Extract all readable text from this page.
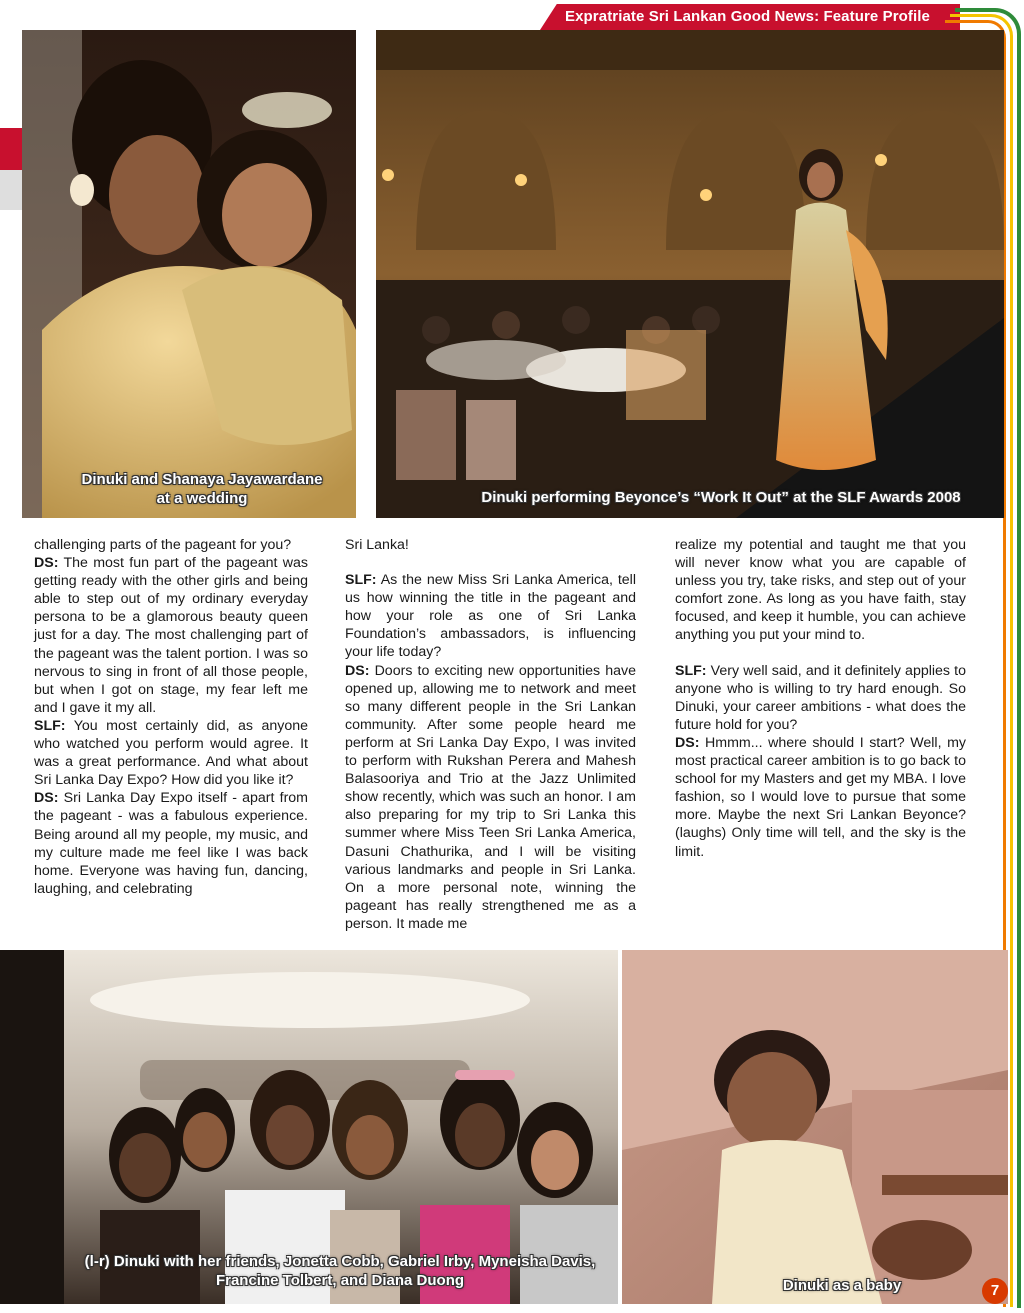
Expratriate Sri Lankan Good News: Feature Profile
Dinuki and Shanaya Jayawardane
at a wedding	Dinuki performing Beyonce’s “Work It Out” at the SLF Awards 2008

challenging parts of the pageant for you?

DS: The most fun part of the pageant was getting ready with the other girls and being able to step out of my ordinary everyday persona to be a glamorous beauty queen just for a day. The most challenging part of the pageant was the talent portion. I was so nervous to sing in front of all those people, but when I got on stage, my fear left me and I gave it my all.

SLF: You most certainly did, as anyone who watched you perform would agree. It was a great performance. And what about Sri Lanka Day Expo? How did you like it?

DS: Sri Lanka Day Expo itself - apart from the pageant - was a fabulous experience. Being around all my people, my music, and my culture made me feel like I was back home. Everyone was having fun, dancing, laughing, and celebrating

Sri Lanka!

SLF: As the new Miss Sri Lanka America, tell us how winning the title in the pageant and how your role as one of Sri Lanka Foundation’s ambassadors, is influencing your life today?

DS: Doors to exciting new opportunities have opened up, allowing me to network and meet so many different people in the Sri Lankan community. After some people heard me perform at Sri Lanka Day Expo, I was invited to perform with Rukshan Perera and Mahesh Balasooriya and Trio at the Jazz Unlimited show recently, which was such an honor. I am also preparing for my trip to Sri Lanka this summer where Miss Teen Sri Lanka America, Dasuni Chathurika, and I will be visiting various landmarks and people in Sri Lanka. On a more personal note, winning the pageant has really strengthened me as a person. It made me

realize my potential and taught me that you will never know what you are capable of unless you try, take risks, and step out of your comfort zone. As long as you have faith, stay focused, and keep it humble, you can achieve anything you put your mind to.

SLF: Very well said, and it definitely applies to anyone who is willing to try hard enough. So Dinuki, your career ambitions - what does the future hold for you?

DS: Hmmm... where should I start? Well, my most practical career ambition is to go back to school for my Masters and get my MBA. I love fashion, so I would love to pursue that some more. Maybe the next Sri Lankan Beyonce? (laughs) Only time will tell, and the sky is the limit.

(l-r) Dinuki with her friends, Jonetta Cobb, Gabriel Irby, Myneisha Davis,
Francine Tolbert, and Diana Duong	Dinuki as a baby	7
